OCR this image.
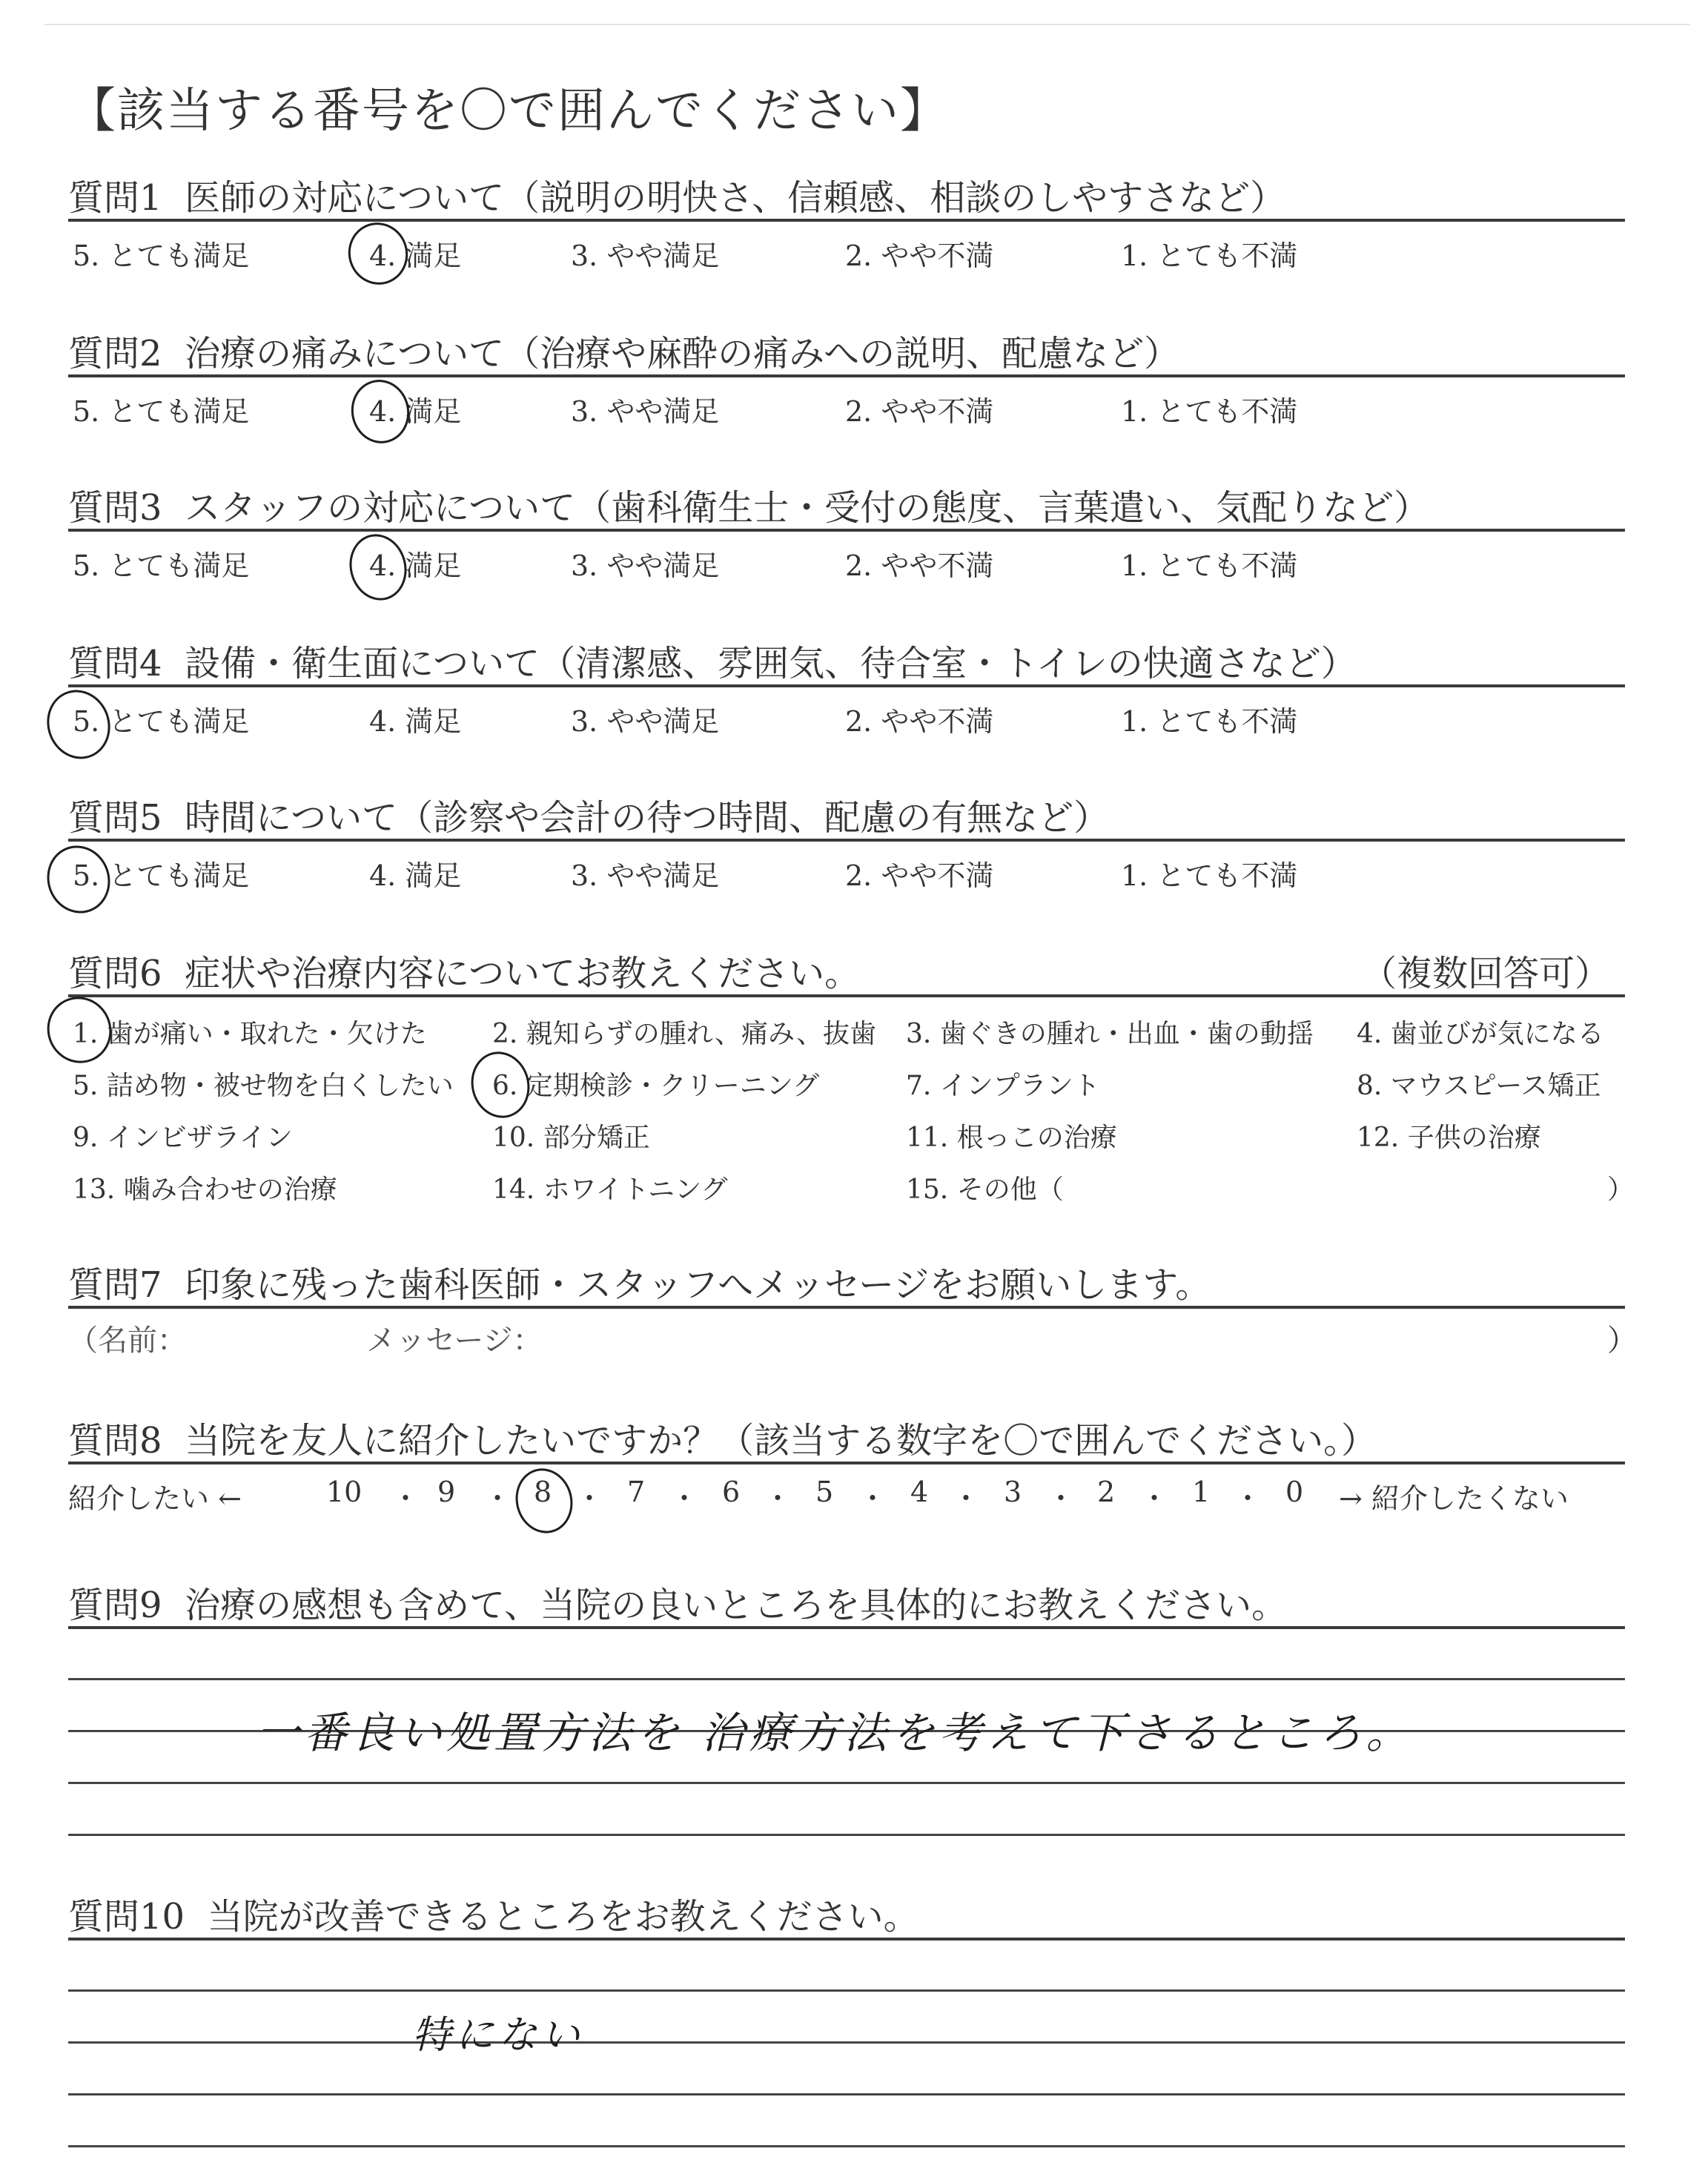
【該当する番号を〇で囲んでください】
質問1 医師の対応について（説明の明快さ、信頼感、相談のしやすさなど）
5. とても満足	4. 満足	3. やや満足	2. やや不満	1. とても不満
質問2 治療の痛みについて（治療や麻酔の痛みへの説明、配慮など）
5. とても満足	4. 満足	3. やや満足	2. やや不満	1. とても不満
質問3 スタッフの対応について（歯科衛生士・受付の態度、言葉遣い、気配りなど）
5. とても満足	4. 満足	3. やや満足	2. やや不満	1. とても不満
質問4 設備・衛生面について（清潔感、雰囲気、待合室・トイレの快適さなど）
5. とても満足	4. 満足	3. やや満足	2. やや不満	1. とても不満
質問5 時間について（診察や会計の待つ時間、配慮の有無など）
5. とても満足	4. 満足	3. やや満足	2. やや不満	1. とても不満
質問6 症状や治療内容についてお教えください。	（複数回答可）
1. 歯が痛い・取れた・欠けた 2. 親知らずの腫れ、痛み、抜歯 3. 歯ぐきの腫れ・出血・歯の動揺 4. 歯並びが気になる
5. 詰め物・被せ物を白くしたい 6. 定期検診・クリーニング	7. インプラント	8. マウスピース矯正
9. インビザライン	10. 部分矯正	11. 根っこの治療	12. 子供の治療
13. 噛み合わせの治療	14. ホワイトニング	15. その他（	）
質問7 印象に残った歯科医師・スタッフへメッセージをお願いします。
（名前：	メッセージ：	）
質問8 当院を友人に紹介したいですか？（該当する数字を〇で囲んでください。）
紹介したい ←	→ 紹介したくない
10 ・ 9 ・ 8 ・ 7 ・ 6 ・ 5 ・ 4 ・ 3 ・ 2 ・ 1 ・ 0
質問9 治療の感想も含めて、当院の良いところを具体的にお教えください。
一番良い処置方法を 治療方法を考えて下さるところ。
質問10 当院が改善できるところをお教えください。
特にない
